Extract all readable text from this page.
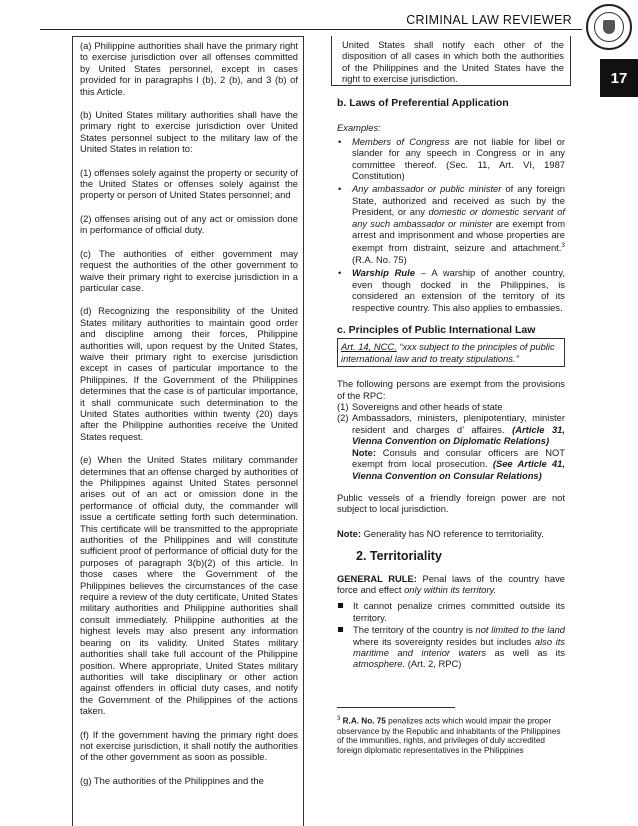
CRIMINAL LAW REVIEWER
17

(a) Philippine authorities shall have the primary right to exercise jurisdiction over all offenses committed by United States personnel, except in cases provided for in paragraphs l (b), 2 (b), and 3 (b) of this Article.

(b) United States military authorities shall have the primary right to exercise jurisdiction over United States personnel subject to the military law of the United States in relation to:

(1) offenses solely against the property or security of the United States or offenses solely against the property or person of United States personnel; and

(2) offenses arising out of any act or omission done in performance of official duty.

(c) The authorities of either government may request the authorities of the other government to waive their primary right to exercise jurisdiction in a particular case.

(d) Recognizing the responsibility of the United States military authorities to maintain good order and discipline among their forces, Philippine authorities will, upon request by the United States, waive their primary right to exercise jurisdiction except in cases of particular importance to the Philippines. If the Government of the Philippines determines that the case is of particular importance, it shall communicate such determination to the United States authorities within twenty (20) days after the Philippine authorities receive the United States request.

(e) When the United States military commander determines that an offense charged by authorities of the Philippines against United States personnel arises out of an act or omission done in the performance of official duty, the commander will issue a certificate setting forth such determination. This certificate will be transmitted to the appropriate authorities of the Philippines and will constitute sufficient proof of performance of official duty for the purposes of paragraph 3(b)(2) of this article. In those cases where the Government of the Philippines believes the circumstances of the case require a review of the duty certificate, United States military authorities and Philippine authorities shall consult immediately. Philippine authorities at the highest levels may also present any information bearing on its validity. United States military authorities shall take full account of the Philippine position. Where appropriate, United States military authorities will take disciplinary or other action against offenders in official duty cases, and notify the Government of the Philippines of the actions taken.

(f) If the government having the primary right does not exercise jurisdiction, it shall notify the authorities of the other government as soon as possible.

(g) The authorities of the Philippines and the

United States shall notify each other of the disposition of all cases in which both the authorities of the Philippines and the United States have the right to exercise jurisdiction.
b. Laws of Preferential Application
Examples:
• Members of Congress are not liable for libel or slander for any speech in Congress or in any committee thereof. (Sec. 11, Art. VI, 1987 Constitution)
• Any ambassador or public minister of any foreign State, authorized and received as such by the President, or any domestic or domestic servant of any such ambassador or minister are exempt from arrest and imprisonment and whose properties are exempt from distraint, seizure and attachment.$^3$ (R.A. No. 75)
• Warship Rule – A warship of another country, even though docked in the Philippines, is considered an extension of the territory of its respective country. This also applies to embassies.
c. Principles of Public International Law
Art. 14, NCC. “xxx subject to the principles of public international law and to treaty stipulations.”
The following persons are exempt from the provisions of the RPC:
(1) Sovereigns and other heads of state
(2) Ambassadors, ministers, plenipotentiary, minister resident and charges d’ affaires. (Article 31, Vienna Convention on Diplomatic Relations)
Note: Consuls and consular officers are NOT exempt from local prosecution. (See Article 41, Vienna Convention on Consular Relations)
Public vessels of a friendly foreign power are not subject to local jurisdiction.
Note: Generality has NO reference to territoriality.
2. Territoriality
GENERAL RULE: Penal laws of the country have force and effect only within its territory.
It cannot penalize crimes committed outside its territory.
The territory of the country is not limited to the land where its sovereignty resides but includes also its maritime and interior waters as well as its atmosphere. (Art. 2, RPC)
$^3$ R.A. No. 75 penalizes acts which would impair the proper observance by the Republic and inhabitants of the Philippines of the immunities, rights, and privileges of duly accredited foreign diplomatic representatives in the Philippines
